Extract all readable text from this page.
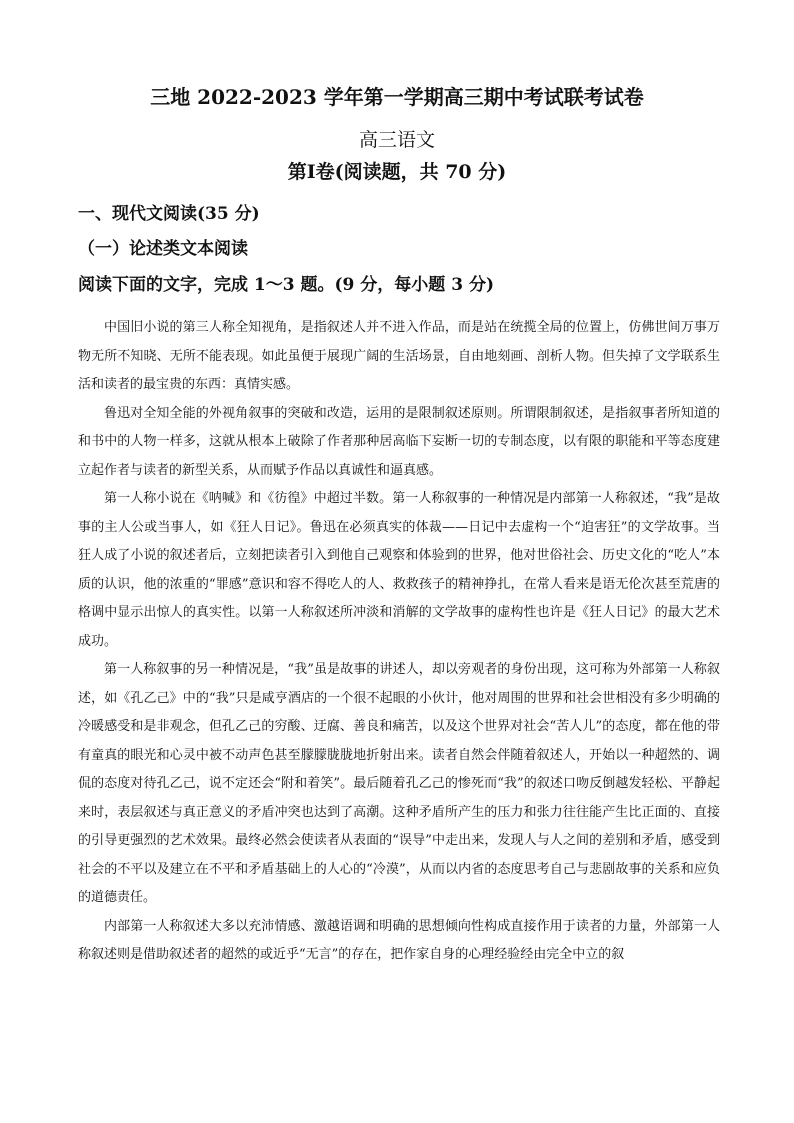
三地 2022-2023 学年第一学期高三期中考试联考试卷
高三语文
第Ⅰ卷(阅读题，共 70 分)
一、现代文阅读(35 分)
（一）论述类文本阅读
阅读下面的文字，完成 1～3 题。(9 分，每小题 3 分)

中国旧小说的第三人称全知视角，是指叙述人并不进入作品，而是站在统揽全局的位置上，仿佛世间万事万物无所不知晓、无所不能表现。如此虽便于展现广阔的生活场景，自由地刻画、剖析人物。但失掉了文学联系生活和读者的最宝贵的东西：真情实感。

鲁迅对全知全能的外视角叙事的突破和改造，运用的是限制叙述原则。所谓限制叙述，是指叙事者所知道的和书中的人物一样多，这就从根本上破除了作者那种居高临下妄断一切的专制态度，以有限的职能和平等态度建立起作者与读者的新型关系，从而赋予作品以真诚性和逼真感。

第一人称小说在《呐喊》和《彷徨》中超过半数。第一人称叙事的一种情况是内部第一人称叙述，“我”是故事的主人公或当事人，如《狂人日记》。鲁迅在必须真实的体裁——日记中去虚构一个“迫害狂”的文学故事。当狂人成了小说的叙述者后，立刻把读者引入到他自己观察和体验到的世界，他对世俗社会、历史文化的“吃人”本质的认识，他的浓重的“罪感”意识和容不得吃人的人、救救孩子的精神挣扎，在常人看来是语无伦次甚至荒唐的格调中显示出惊人的真实性。以第一人称叙述所冲淡和消解的文学故事的虚构性也许是《狂人日记》的最大艺术成功。

第一人称叙事的另一种情况是，“我”虽是故事的讲述人，却以旁观者的身份出现，这可称为外部第一人称叙述，如《孔乙己》中的“我”只是咸亨酒店的一个很不起眼的小伙计，他对周围的世界和社会世相没有多少明确的冷暖感受和是非观念，但孔乙己的穷酸、迂腐、善良和痛苦，以及这个世界对社会“苦人儿”的态度，都在他的带有童真的眼光和心灵中被不动声色甚至朦朦胧胧地折射出来。读者自然会伴随着叙述人，开始以一种超然的、调侃的态度对待孔乙己，说不定还会“附和着笑”。最后随着孔乙己的惨死而“我”的叙述口吻反倒越发轻松、平静起来时，表层叙述与真正意义的矛盾冲突也达到了高潮。这种矛盾所产生的压力和张力往往能产生比正面的、直接的引导更强烈的艺术效果。最终必然会使读者从表面的“误导”中走出来，发现人与人之间的差别和矛盾，感受到社会的不平以及建立在不平和矛盾基础上的人心的“冷漠”，从而以内省的态度思考自己与悲剧故事的关系和应负的道德责任。

内部第一人称叙述大多以充沛情感、激越语调和明确的思想倾向性构成直接作用于读者的力量，外部第一人称叙述则是借助叙述者的超然的或近乎“无言”的存在，把作家自身的心理经验经由完全中立的叙
